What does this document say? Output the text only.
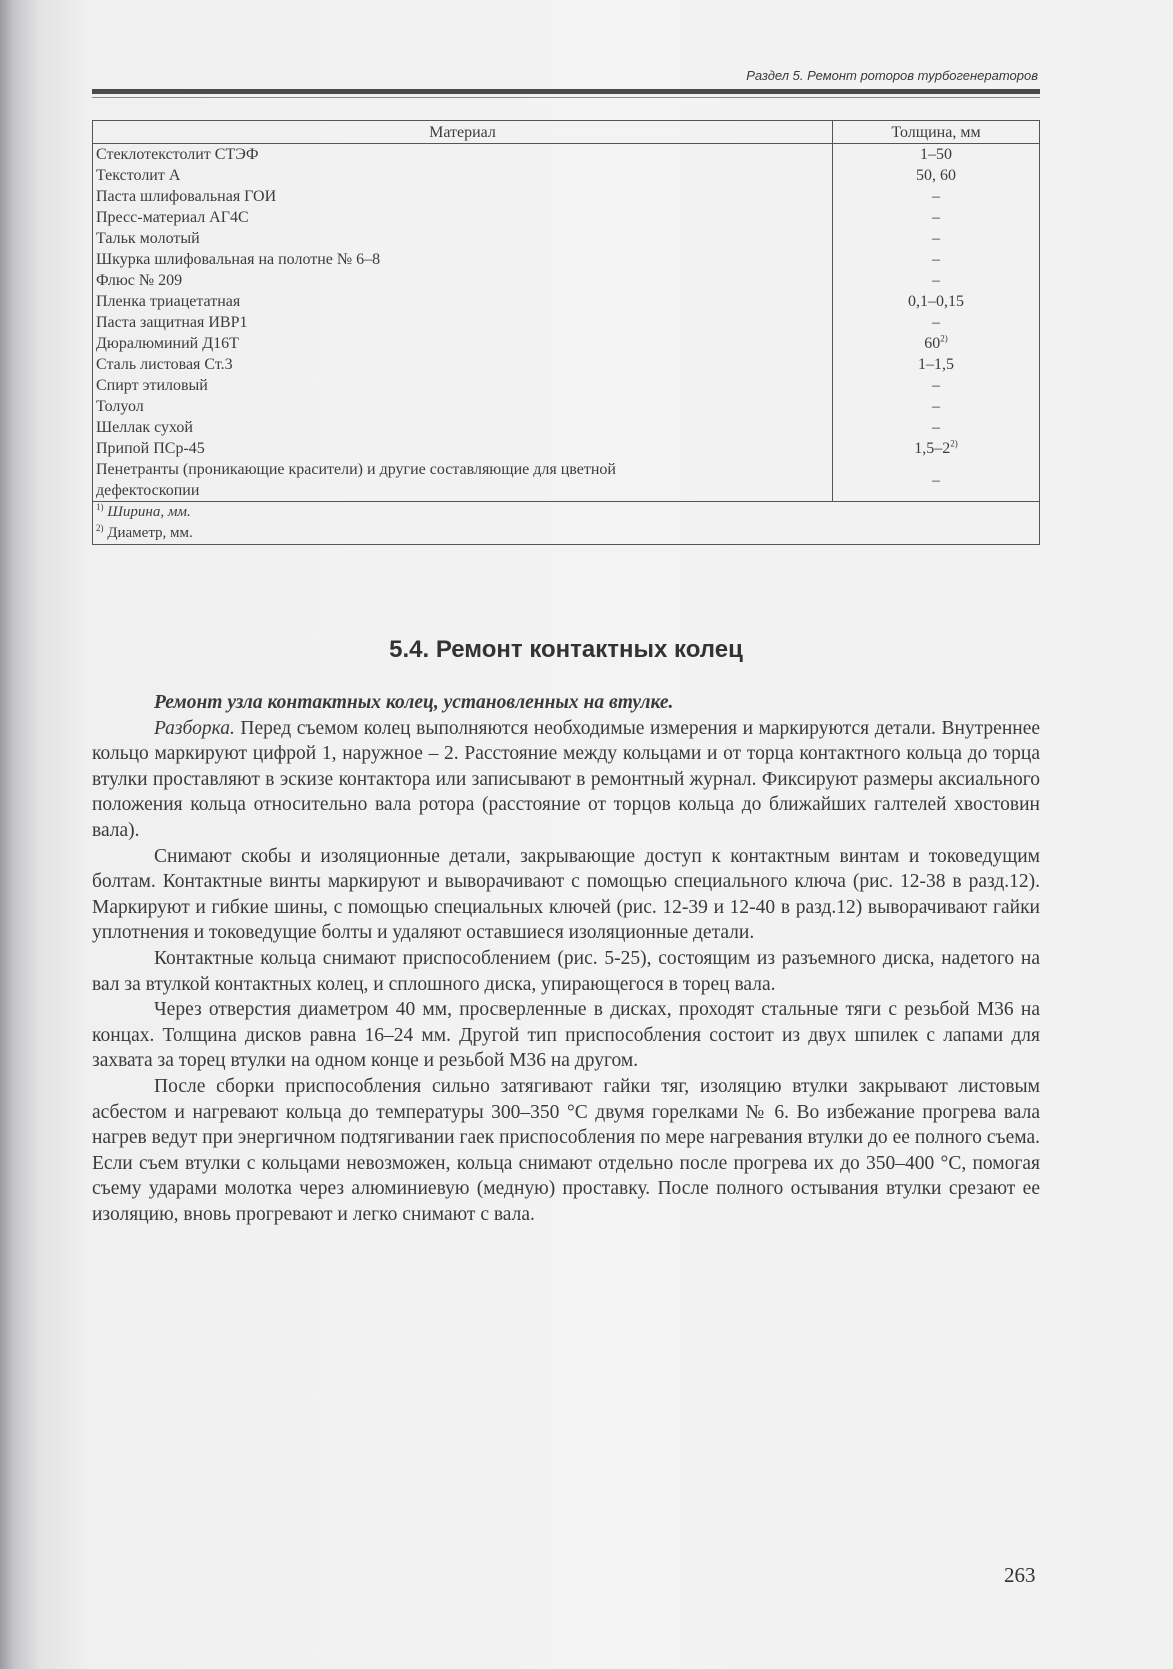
Раздел 5. Ремонт роторов турбогенераторов
Материал	Толщина, мм
Стеклотекстолит СТЭФ	1–50
Текстолит А	50, 60
Паста шлифовальная ГОИ	–
Пресс-материал АГ4С	–
Тальк молотый	–
Шкурка шлифовальная на полотне № 6–8	–
Флюс № 209	–
Пленка триацетатная	0,1–0,15
Паста защитная ИВР1	–
Дюралюминий Д16Т	60$^{2)}$
Сталь листовая Ст.3	1–1,5
Спирт этиловый	–
Толуол	–
Шеллак сухой	–
Припой ПСр-45	1,5–2$^{2)}$
Пенетранты (проникающие красители) и другие составляющие для цветной дефектоскопии	–
$^{1)}$ Ширина, мм.	
$^{2)}$ Диаметр, мм.	
5.4. Ремонт контактных колец

Ремонт узла контактных колец, установленных на втулке.

Разборка. Перед съемом колец выполняются необходимые измерения и маркируются детали. Внутреннее кольцо маркируют цифрой 1, наружное – 2. Расстояние между кольцами и от торца контактного кольца до торца втулки проставляют в эскизе контактора или записывают в ремонтный журнал. Фиксируют размеры аксиального положения кольца относительно вала ротора (расстояние от торцов кольца до ближайших галтелей хвостовин вала).

Снимают скобы и изоляционные детали, закрывающие доступ к контактным винтам и токоведущим болтам. Контактные винты маркируют и выворачивают с помощью специального ключа (рис. 12-38 в разд.12). Маркируют и гибкие шины, с помощью специальных ключей (рис. 12-39 и 12-40 в разд.12) выворачивают гайки уплотнения и токоведущие болты и удаляют оставшиеся изоляционные детали.

Контактные кольца снимают приспособлением (рис. 5-25), состоящим из разъемного диска, надетого на вал за втулкой контактных колец, и сплошного диска, упирающегося в торец вала.

Через отверстия диаметром 40 мм, просверленные в дисках, проходят стальные тяги с резьбой М36 на концах. Толщина дисков равна 16–24 мм. Другой тип приспособления состоит из двух шпилек с лапами для захвата за торец втулки на одном конце и резьбой М36 на другом.

После сборки приспособления сильно затягивают гайки тяг, изоляцию втулки закрывают листовым асбестом и нагревают кольца до температуры 300–350 °С двумя горелками № 6. Во избежание прогрева вала нагрев ведут при энергичном подтягивании гаек приспособления по мере нагревания втулки до ее полного съема. Если съем втулки с кольцами невозможен, кольца снимают отдельно после прогрева их до 350–400 °С, помогая съему ударами молотка через алюминиевую (медную) проставку. После полного остывания втулки срезают ее изоляцию, вновь прогревают и легко снимают с вала.

263
